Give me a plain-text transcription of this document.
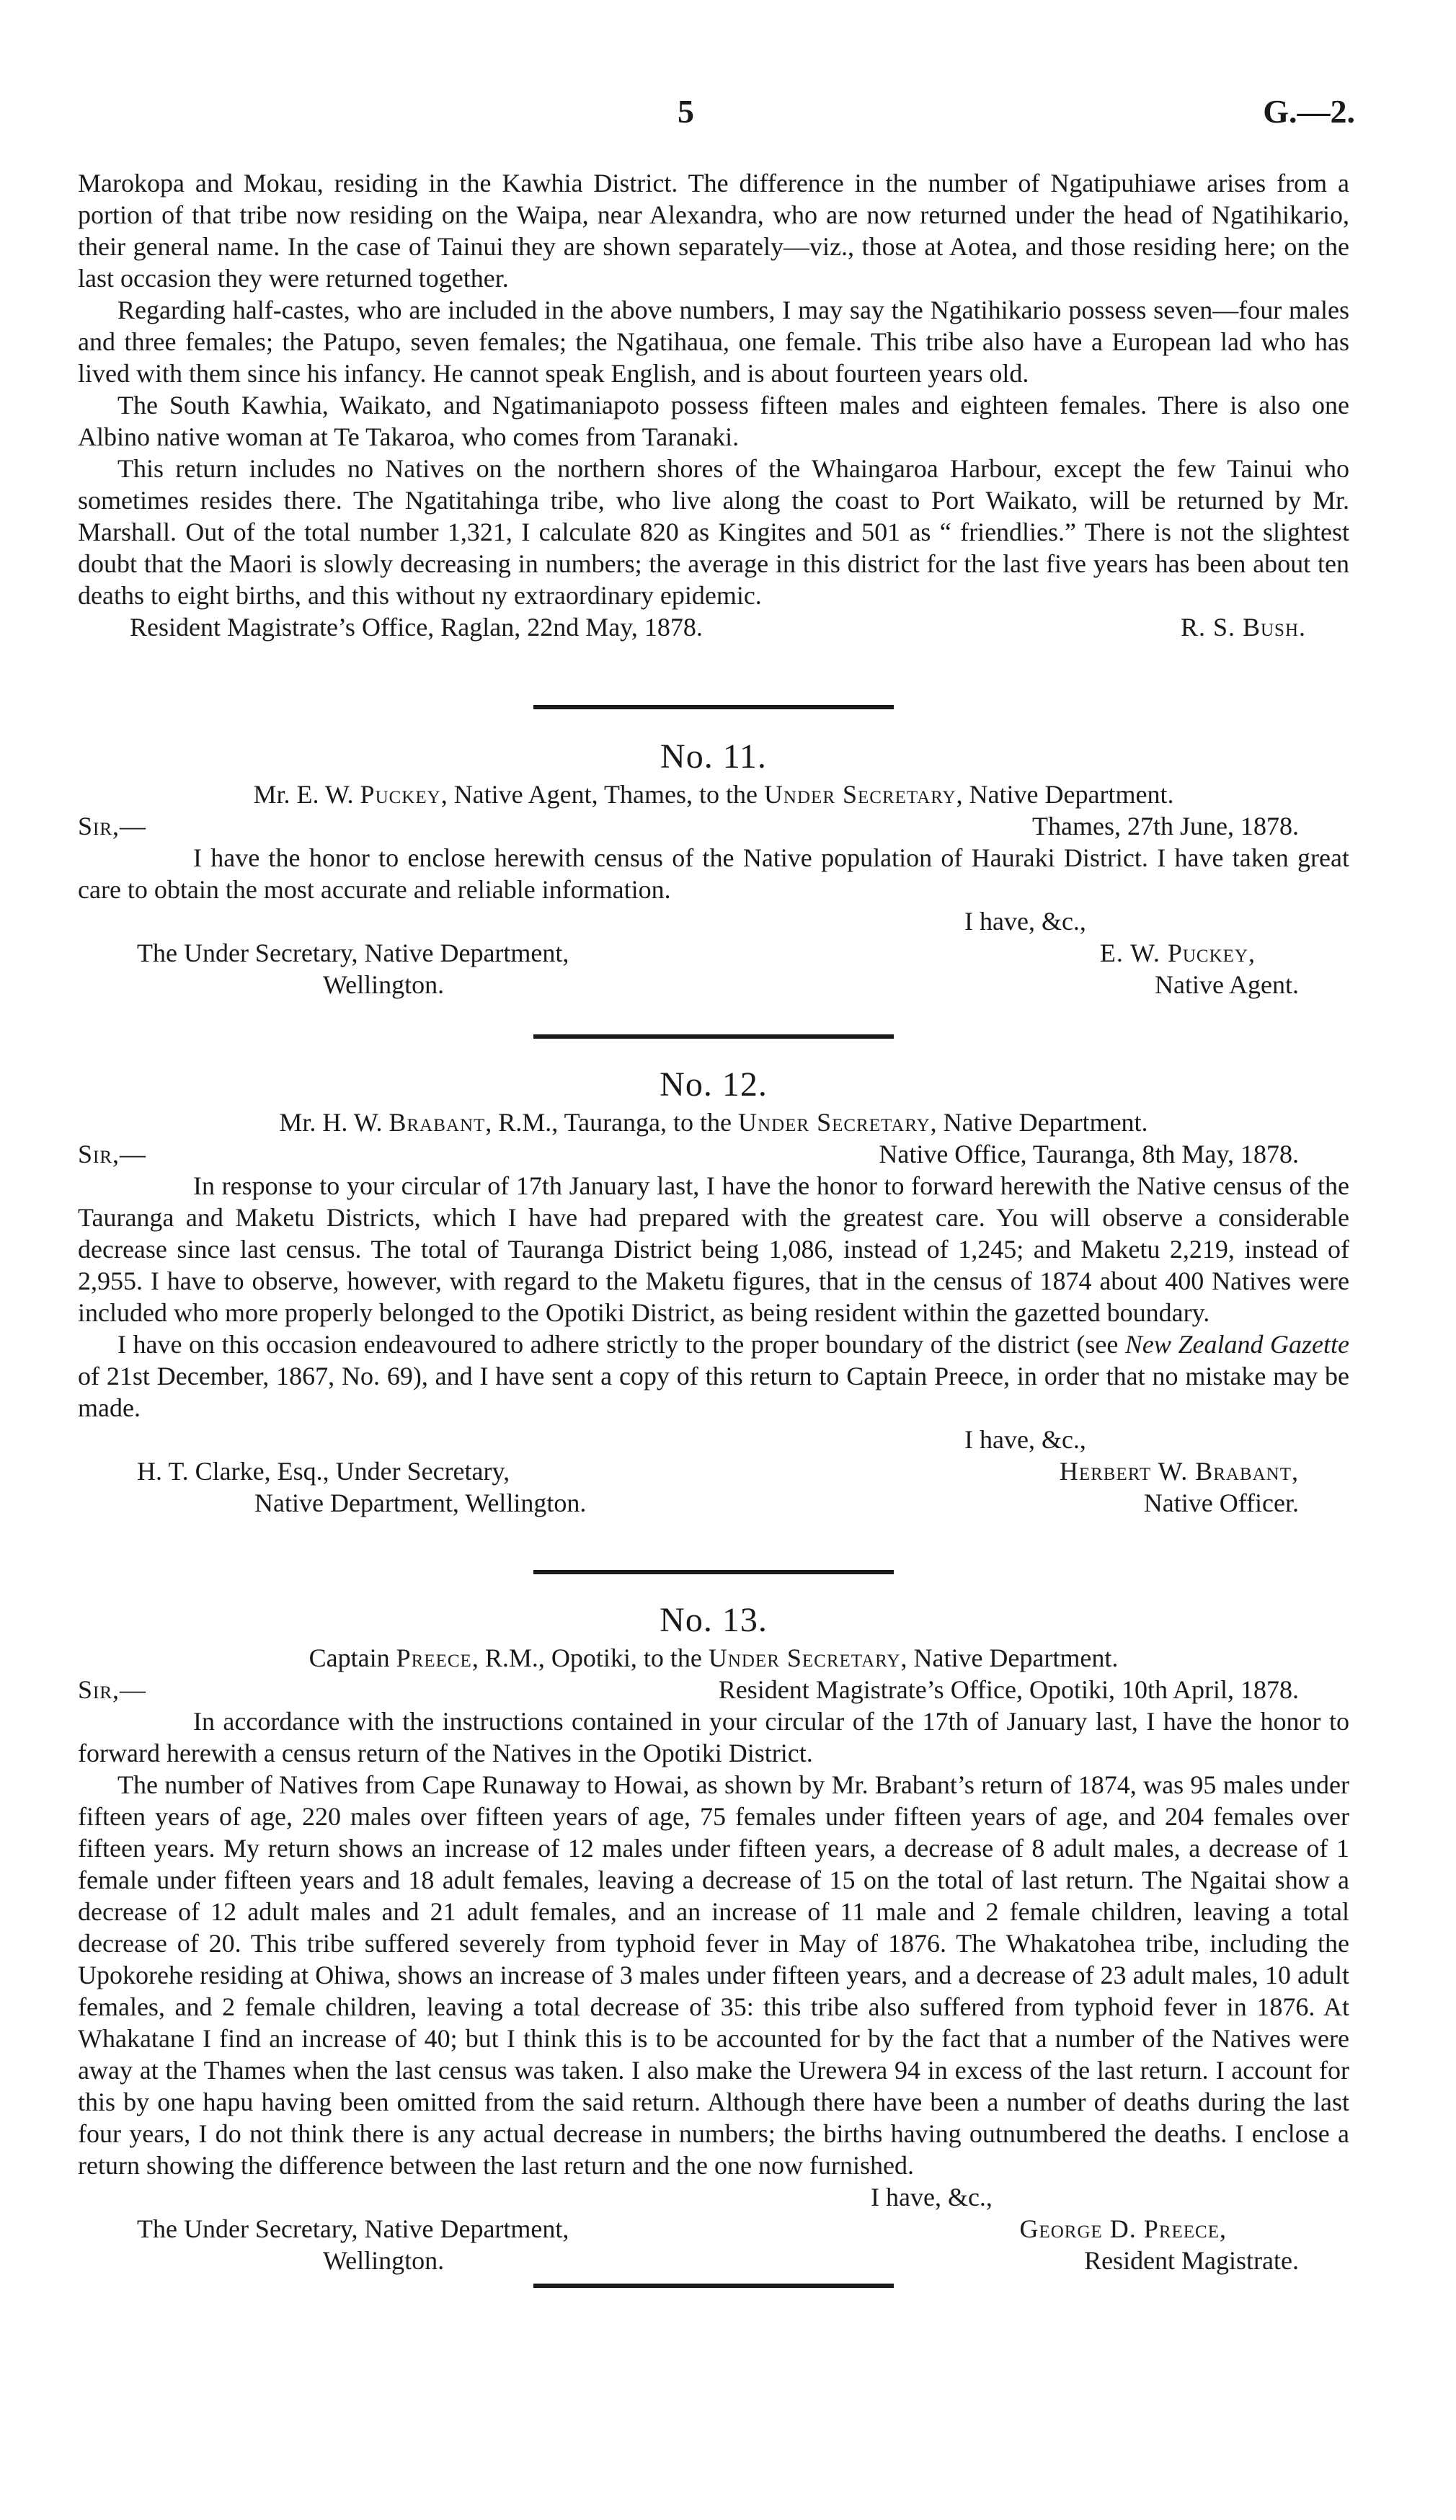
5	G.—2.

Marokopa and Mokau, residing in the Kawhia District. The difference in the number of Ngatipuhiawe arises from a portion of that tribe now residing on the Waipa, near Alexandra, who are now returned under the head of Ngatihikario, their general name. In the case of Tainui they are shown separately—viz., those at Aotea, and those residing here; on the last occasion they were returned together.

Regarding half-castes, who are included in the above numbers, I may say the Ngatihikario possess seven—four males and three females; the Patupo, seven females; the Ngatihaua, one female. This tribe also have a European lad who has lived with them since his infancy. He cannot speak English, and is about fourteen years old.

The South Kawhia, Waikato, and Ngatimaniapoto possess fifteen males and eighteen females. There is also one Albino native woman at Te Takaroa, who comes from Taranaki.

This return includes no Natives on the northern shores of the Whaingaroa Harbour, except the few Tainui who sometimes resides there. The Ngatitahinga tribe, who live along the coast to Port Waikato, will be returned by Mr. Marshall. Out of the total number 1,321, I calculate 820 as Kingites and 501 as “ friendlies.” There is not the slightest doubt that the Maori is slowly decreasing in numbers; the average in this district for the last five years has been about ten deaths to eight births, and this without ny extraordinary epidemic.

Resident Magistrate’s Office, Raglan, 22nd May, 1878.	R. S. Bush.
No. 11.
Mr. E. W. Puckey, Native Agent, Thames, to the Under Secretary, Native Department.
Sir,—	Thames, 27th June, 1878.

I have the honor to enclose herewith census of the Native population of Hauraki District. I have taken great care to obtain the most accurate and reliable information.

I have, &c.,
The Under Secretary, Native Department,	E. W. Puckey,
Wellington.	Native Agent.
No. 12.
Mr. H. W. Brabant, R.M., Tauranga, to the Under Secretary, Native Department.
Sir,—	Native Office, Tauranga, 8th May, 1878.

In response to your circular of 17th January last, I have the honor to forward herewith the Native census of the Tauranga and Maketu Districts, which I have had prepared with the greatest care. You will observe a considerable decrease since last census. The total of Tauranga District being 1,086, instead of 1,245; and Maketu 2,219, instead of 2,955. I have to observe, however, with regard to the Maketu figures, that in the census of 1874 about 400 Natives were included who more properly belonged to the Opotiki District, as being resident within the gazetted boundary.

I have on this occasion endeavoured to adhere strictly to the proper boundary of the district (see New Zealand Gazette of 21st December, 1867, No. 69), and I have sent a copy of this return to Captain Preece, in order that no mistake may be made.

I have, &c.,
H. T. Clarke, Esq., Under Secretary,	Herbert W. Brabant,
Native Department, Wellington.	Native Officer.
No. 13.
Captain Preece, R.M., Opotiki, to the Under Secretary, Native Department.
Sir,—	Resident Magistrate’s Office, Opotiki, 10th April, 1878.

In accordance with the instructions contained in your circular of the 17th of January last, I have the honor to forward herewith a census return of the Natives in the Opotiki District.

The number of Natives from Cape Runaway to Howai, as shown by Mr. Brabant’s return of 1874, was 95 males under fifteen years of age, 220 males over fifteen years of age, 75 females under fifteen years of age, and 204 females over fifteen years. My return shows an increase of 12 males under fifteen years, a decrease of 8 adult males, a decrease of 1 female under fifteen years and 18 adult females, leaving a decrease of 15 on the total of last return. The Ngaitai show a decrease of 12 adult males and 21 adult females, and an increase of 11 male and 2 female children, leaving a total decrease of 20. This tribe suffered severely from typhoid fever in May of 1876. The Whakatohea tribe, including the Upokorehe residing at Ohiwa, shows an increase of 3 males under fifteen years, and a decrease of 23 adult males, 10 adult females, and 2 female children, leaving a total decrease of 35: this tribe also suffered from typhoid fever in 1876. At Whakatane I find an increase of 40; but I think this is to be accounted for by the fact that a number of the Natives were away at the Thames when the last census was taken. I also make the Urewera 94 in excess of the last return. I account for this by one hapu having been omitted from the said return. Although there have been a number of deaths during the last four years, I do not think there is any actual decrease in numbers; the births having outnumbered the deaths. I enclose a return showing the difference between the last return and the one now furnished.

I have, &c.,
The Under Secretary, Native Department,	George D. Preece,
Wellington.	Resident Magistrate.
